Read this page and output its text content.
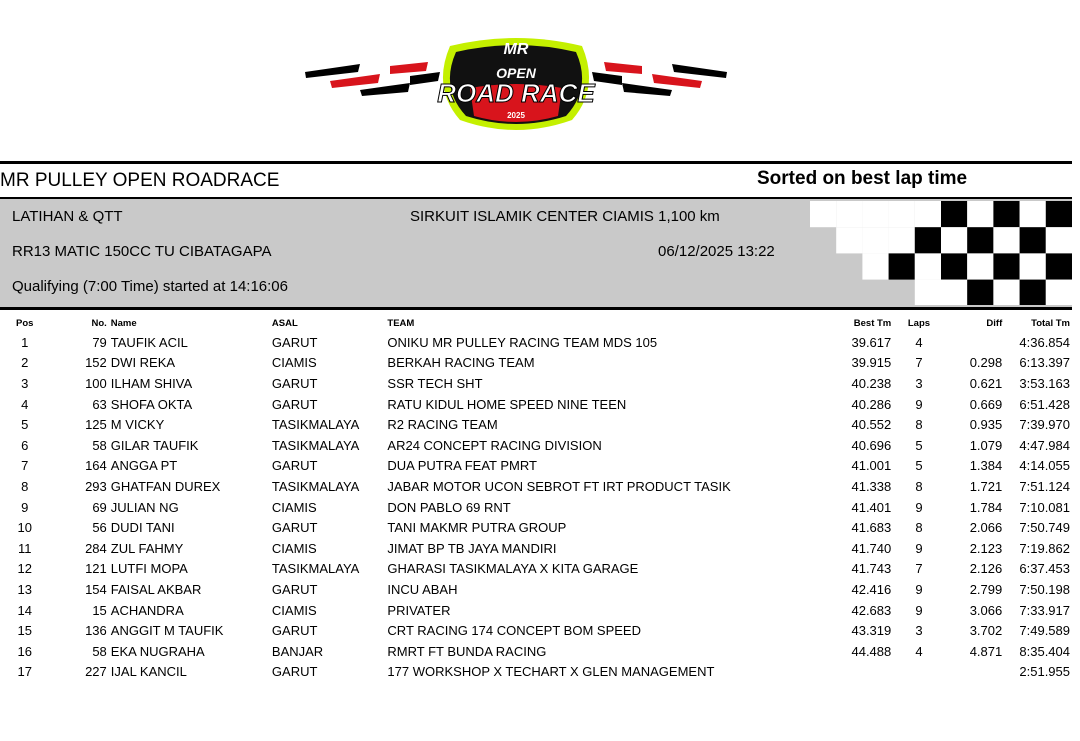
MR
OPEN
ROAD RACE
2025
MR PULLEY OPEN ROADRACE	Sorted on best lap time
LATIHAN & QTT	SIRKUIT ISLAMIK CENTER CIAMIS 1,100 km
RR13 MATIC 150CC TU CIBATAGAPA	06/12/2025 13:22
Qualifying (7:00 Time) started at 14:16:06
Pos	No.	Name	ASAL	TEAM	Best Tm	Laps	Diff	Total Tm
1	79	TAUFIK ACIL	GARUT	ONIKU MR PULLEY RACING TEAM MDS 105	39.617	4		4:36.854
2	152	DWI REKA	CIAMIS	BERKAH RACING TEAM	39.915	7	0.298	6:13.397
3	100	ILHAM SHIVA	GARUT	SSR TECH SHT	40.238	3	0.621	3:53.163
4	63	SHOFA OKTA	GARUT	RATU KIDUL HOME SPEED NINE TEEN	40.286	9	0.669	6:51.428
5	125	M VICKY	TASIKMALAYA	R2 RACING TEAM	40.552	8	0.935	7:39.970
6	58	GILAR TAUFIK	TASIKMALAYA	AR24 CONCEPT RACING DIVISION	40.696	5	1.079	4:47.984
7	164	ANGGA PT	GARUT	DUA PUTRA FEAT PMRT	41.001	5	1.384	4:14.055
8	293	GHATFAN DUREX	TASIKMALAYA	JABAR MOTOR UCON SEBROT FT IRT PRODUCT TASIK	41.338	8	1.721	7:51.124
9	69	JULIAN NG	CIAMIS	DON PABLO 69 RNT	41.401	9	1.784	7:10.081
10	56	DUDI TANI	GARUT	TANI MAKMR PUTRA GROUP	41.683	8	2.066	7:50.749
11	284	ZUL FAHMY	CIAMIS	JIMAT BP TB JAYA MANDIRI	41.740	9	2.123	7:19.862
12	121	LUTFI MOPA	TASIKMALAYA	GHARASI TASIKMALAYA X KITA GARAGE	41.743	7	2.126	6:37.453
13	154	FAISAL AKBAR	GARUT	INCU ABAH	42.416	9	2.799	7:50.198
14	15	ACHANDRA	CIAMIS	PRIVATER	42.683	9	3.066	7:33.917
15	136	ANGGIT M TAUFIK	GARUT	CRT RACING 174 CONCEPT BOM SPEED	43.319	3	3.702	7:49.589
16	58	EKA NUGRAHA	BANJAR	RMRT FT BUNDA RACING	44.488	4	4.871	8:35.404
17	227	IJAL KANCIL	GARUT	177 WORKSHOP X TECHART X GLEN MANAGEMENT				2:51.955
